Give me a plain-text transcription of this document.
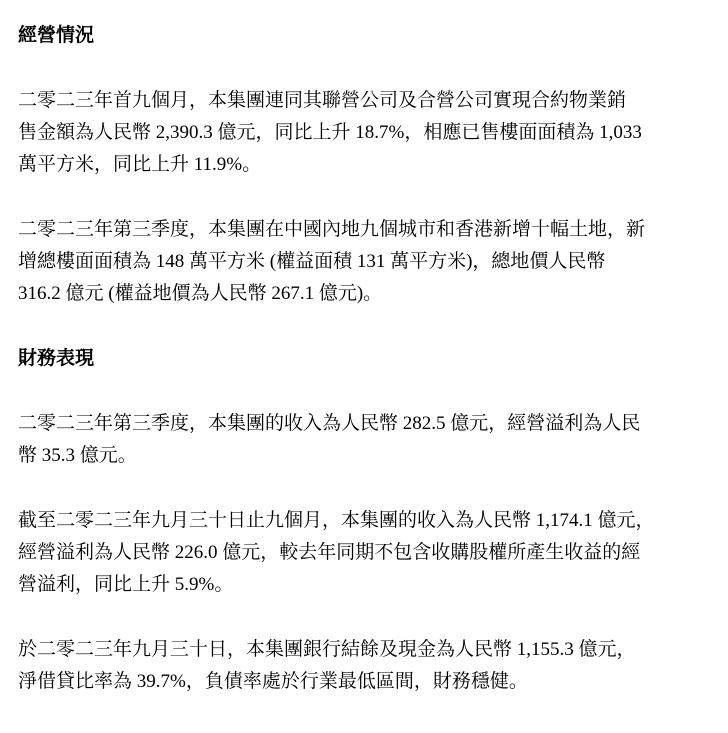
經營情況

二零二三年首九個月，本集團連同其聯營公司及合營公司實現合約物業銷
售金額為人民幣 2,390.3 億元，同比上升 18.7%，相應已售樓面面積為 1,033
萬平方米，同比上升 11.9%。

二零二三年第三季度，本集團在中國內地九個城市和香港新增十幅土地，新
增總樓面面積為 148 萬平方米 (權益面積 131 萬平方米)，總地價人民幣
316.2 億元 (權益地價為人民幣 267.1 億元)。

財務表現

二零二三年第三季度，本集團的收入為人民幣 282.5 億元，經營溢利為人民
幣 35.3 億元。

截至二零二三年九月三十日止九個月，本集團的收入為人民幣 1,174.1 億元，
經營溢利為人民幣 226.0 億元，較去年同期不包含收購股權所產生收益的經
營溢利，同比上升 5.9%。

於二零二三年九月三十日，本集團銀行結餘及現金為人民幣 1,155.3 億元，
淨借貸比率為 39.7%，負債率處於行業最低區間，財務穩健。
